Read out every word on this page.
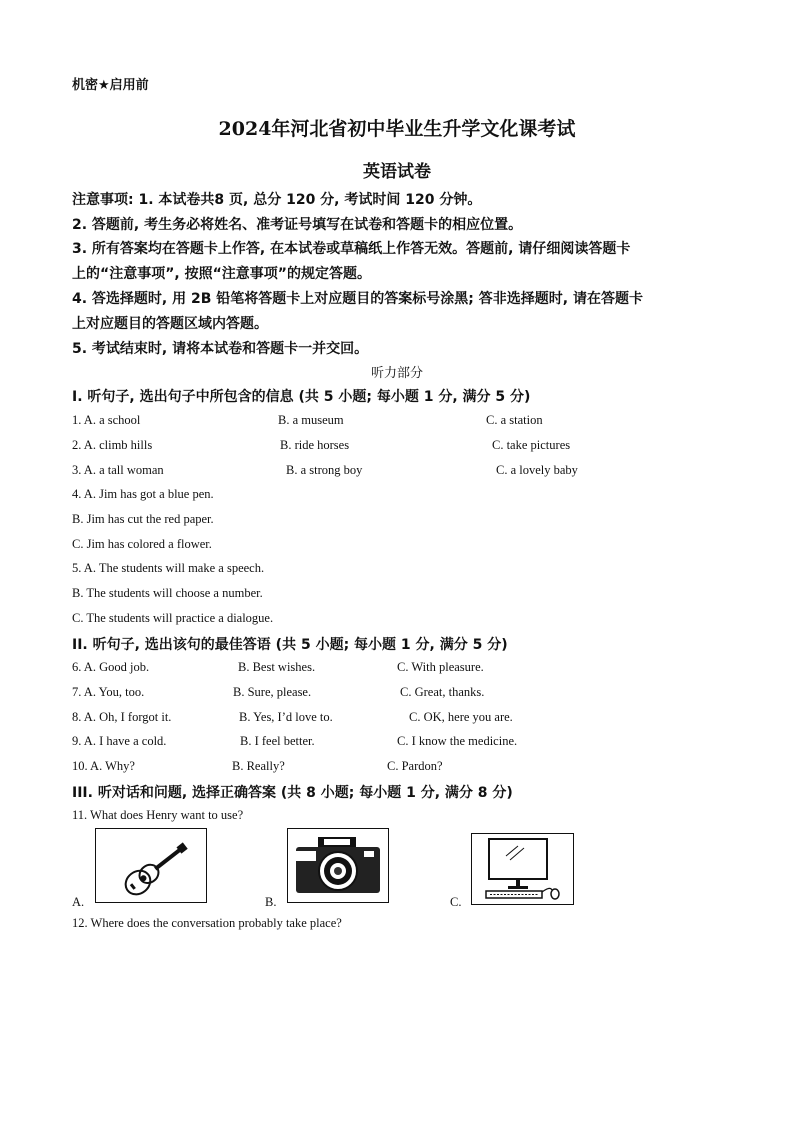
机密★启用前
2024年河北省初中毕业生升学文化课考试
英语试卷
注意事项: 1. 本试卷共8 页, 总分 120 分, 考试时间 120 分钟。
2. 答题前, 考生务必将姓名、准考证号填写在试卷和答题卡的相应位置。
3. 所有答案均在答题卡上作答, 在本试卷或草稿纸上作答无效。答题前, 请仔细阅读答题卡
上的“注意事项”, 按照“注意事项”的规定答题。
4. 答选择题时, 用 2B 铅笔将答题卡上对应题目的答案标号涂黑; 答非选择题时, 请在答题卡
上对应题目的答题区域内答题。
5. 考试结束时, 请将本试卷和答题卡一并交回。
听力部分
I. 听句子, 选出句子中所包含的信息 (共 5 小题; 每小题 1 分, 满分 5 分)
1. A. a school	B. a museum	C. a station
2. A. climb hills	B. ride horses	C. take pictures
3. A. a tall woman	B. a strong boy	C. a lovely baby
4. A. Jim has got a blue pen.
B. Jim has cut the red paper.
C. Jim has colored a flower.
5. A. The students will make a speech.
B. The students will choose a number.
C. The students will practice a dialogue.
II. 听句子, 选出该句的最佳答语 (共 5 小题; 每小题 1 分, 满分 5 分)
6. A. Good job.	B. Best wishes.	C. With pleasure.
7. A. You, too.	B. Sure, please.	C. Great, thanks.
8. A. Oh, I forgot it.	B. Yes, I’d love to.	C. OK, here you are.
9. A. I have a cold.	B. I feel better.	C. I know the medicine.
10. A. Why?	B. Really?	C. Pardon?
III. 听对话和问题, 选择正确答案 (共 8 小题; 每小题 1 分, 满分 8 分)
11. What does Henry want to use?
A.	B.	C.
12. Where does the conversation probably take place?
